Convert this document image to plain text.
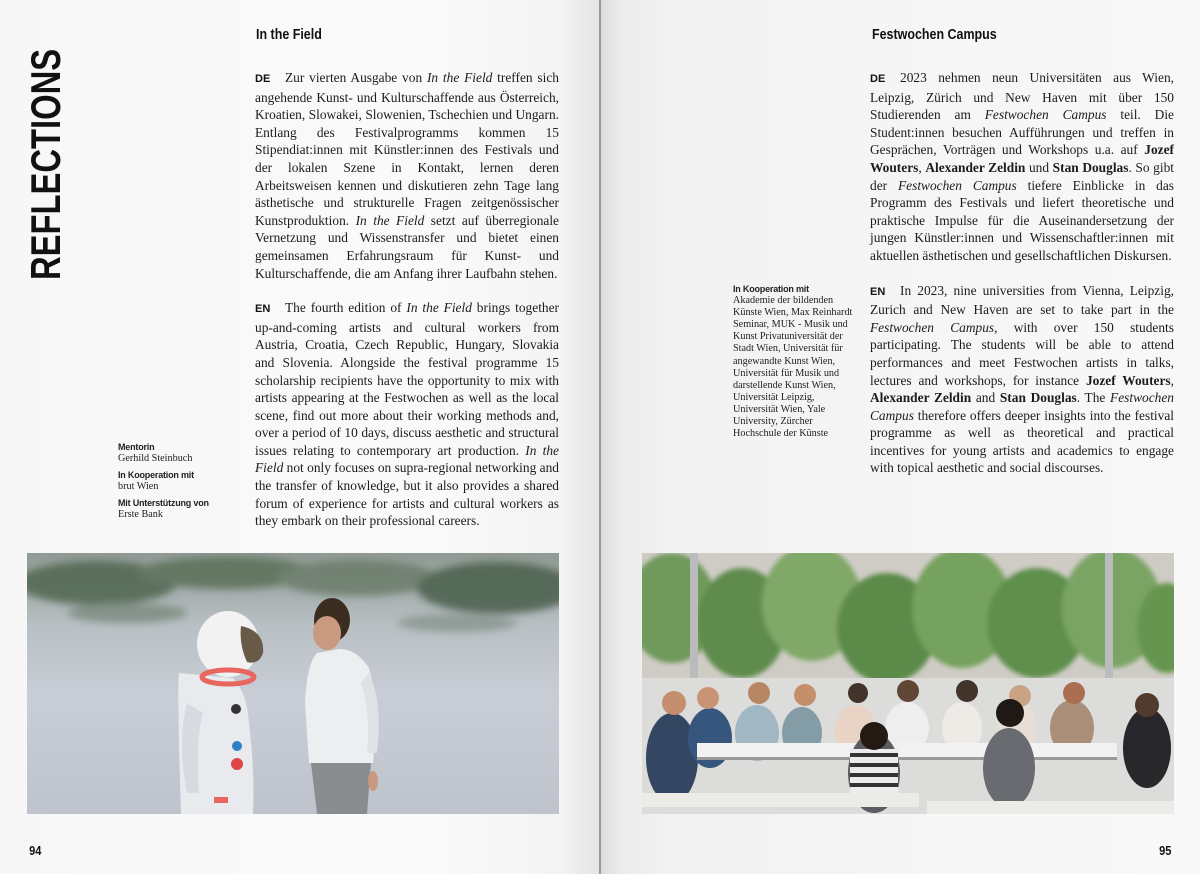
REFLECTIONS
In the Field

DE Zur vierten Ausgabe von In the Field treffen sich angehende Kunst- und Kulturschaffende aus Österreich, Kroatien, Slowakei, Slowenien, Tschechien und Ungarn. Entlang des Festivalprogramms kommen 15 Stipendiat:innen mit Künstler:innen des Festivals und der lokalen Szene in Kontakt, lernen deren Arbeitsweisen kennen und diskutieren zehn Tage lang ästhetische und strukturelle Fragen zeitgenössischer Kunstproduktion. In the Field setzt auf überregionale Vernetzung und Wissenstransfer und bietet einen gemeinsamen Erfahrungsraum für Kunst- und Kulturschaffende, die am Anfang ihrer Laufbahn stehen.

EN The fourth edition of In the Field brings together up-and-coming artists and cultural workers from Austria, Croatia, Czech Republic, Hungary, Slovakia and Slovenia. Alongside the festival programme 15 scholarship recipients have the opportunity to mix with artists appearing at the Festwochen as well as the local scene, find out more about their working methods and, over a period of 10 days, discuss aesthetic and structural issues relating to contemporary art production. In the Field not only focuses on supra-regional networking and the transfer of knowledge, but it also provides a shared forum of experience for artists and cultural workers as they embark on their professional careers.

Mentorin
Gerhild Steinbuch
In Kooperation mit
brut Wien
Mit Unterstützung von
Erste Bank
94
Festwochen Campus

DE 2023 nehmen neun Universitäten aus Wien, Leipzig, Zürich und New Haven mit über 150 Studierenden am Festwochen Campus teil. Die Student:innen besuchen Aufführungen und treffen in Gesprächen, Vorträgen und Workshops u.a. auf Jozef Wouters, Alexander Zeldin und Stan Douglas. So gibt der Festwochen Campus tiefere Einblicke in das Programm des Festivals und liefert theoretische und praktische Impulse für die Auseinandersetzung der jungen Künstler:innen und Wissenschaftler:innen mit aktuellen ästhetischen und gesellschaftlichen Diskursen.

EN In 2023, nine universities from Vienna, Leipzig, Zurich and New Haven are set to take part in the Festwochen Campus, with over 150 students participating. The students will be able to attend performances and meet Festwochen artists in talks, lectures and workshops, for instance Jozef Wouters, Alexander Zeldin and Stan Douglas. The Festwochen Campus therefore offers deeper insights into the festival programme as well as theoretical and practical incentives for young artists and academics to engage with topical aesthetic and social discourses.

In Kooperation mit
Akademie der bildenden Künste Wien, Max Reinhardt Seminar, MUK - Musik und Kunst Privatuniversität der Stadt Wien, Universität für angewandte Kunst Wien, Universität für Musik und darstellende Kunst Wien, Universität Leipzig, Universität Wien, Yale University, Zürcher Hochschule der Künste
95
